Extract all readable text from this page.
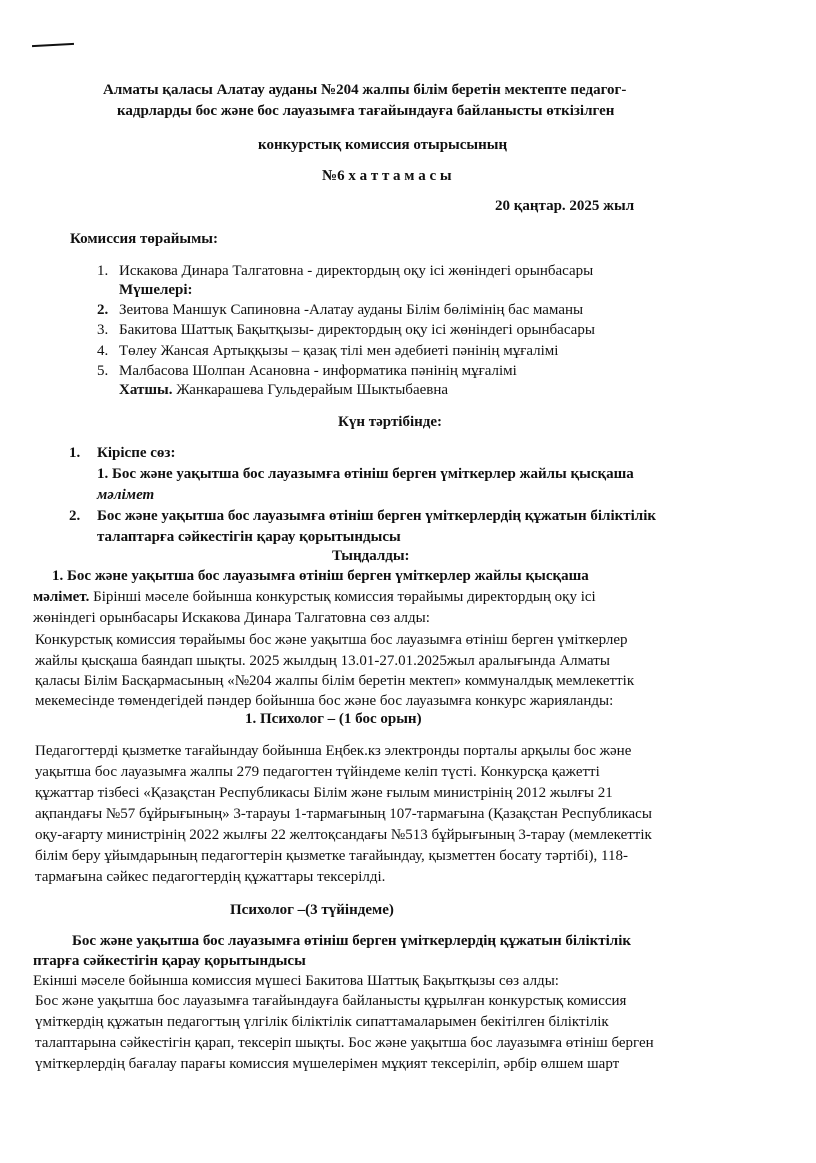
Алматы қаласы Алатау ауданы №204 жалпы білім беретін мектепте педагог-
кадрларды бос және бос лауазымға тағайындауға байланысты өткізілген
конкурстық комиссия отырысының
№6 х а т т а м а с ы
20 қаңтар. 2025 жыл
Комиссия төрайымы:
1. Искакова Динара Талгатовна - директордың оқу ісі жөніндегі орынбасары
Мүшелері:
2. Зеитова Маншук Сапиновна -Алатау ауданы Білім бөлімінің бас маманы
3. Бакитова Шаттық Бақытқызы- директордың оқу ісі жөніндегі орынбасары
4. Төлеу Жансая Артыққызы – қазақ тілі мен әдебиеті пәнінің мұғалімі
5. Малбасова Шолпан Асановна - информатика пәнінің мұғалімі
Хатшы. Жанкарашева Гульдерайым Шыктыбаевна
Күн тәртібінде:
1. Кіріспе сөз:
1. Бос және уақытша бос лауазымға өтініш берген үміткерлер жайлы қысқаша
мәлімет
2. Бос және уақытша бос лауазымға өтініш берген үміткерлердің құжатын біліктілік
талаптарға сәйкестігін қарау қорытындысы
Тыңдалды:
1. Бос және уақытша бос лауазымға өтініш берген үміткерлер жайлы қысқаша
мәлімет. Бірінші мәселе бойынша конкурстық комиссия төрайымы директордың оқу ісі
жөніндегі орынбасары Искакова Динара Талгатовна сөз алды:
Конкурстық комиссия төрайымы бос және уақытша бос лауазымға өтініш берген үміткерлер
жайлы қысқаша баяндап шықты. 2025 жылдың 13.01-27.01.2025жыл аралығында Алматы
қаласы Білім Басқармасының «№204 жалпы білім беретін мектеп» коммуналдық мемлекеттік
мекемесінде төмендегідей пәндер бойынша бос және бос лауазымға конкурс жарияланды:
1. Психолог – (1 бос орын)
Педагогтерді қызметке тағайындау бойынша Еңбек.кз электронды порталы арқылы бос және
уақытша бос лауазымға жалпы 279 педагогтен түйіндеме келіп түсті. Конкурсқа қажетті
құжаттар тізбесі «Қазақстан Республикасы Білім және ғылым министрінің 2012 жылғы 21
ақпандағы №57 бұйрығының» 3-тарауы 1-тармағының 107-тармағына (Қазақстан Республикасы
оқу-ағарту министрінің 2022 жылғы 22 желтоқсандағы №513 бұйрығының 3-тарау (мемлекеттік
білім беру ұйымдарының педагогтерін қызметке тағайындау, қызметтен босату тәртібі), 118-
тармағына сәйкес педагогтердің құжаттары тексерілді.
Психолог –(3 түйіндеме)
Бос және уақытша бос лауазымға өтініш берген үміткерлердің құжатын біліктілік
птарға сәйкестігін қарау қорытындысы
Екінші мәселе бойынша комиссия мүшесі Бакитова Шаттық Бақытқызы сөз алды:
Бос және уақытша бос лауазымға тағайындауға байланысты құрылған конкурстық комиссия
үміткердің құжатын педагогтың үлгілік біліктілік сипаттамаларымен бекітілген біліктілік
талаптарына сәйкестігін қарап, тексеріп шықты. Бос және уақытша бос лауазымға өтініш берген
үміткерлердің бағалау парағы комиссия мүшелерімен мұқият тексеріліп, әрбір өлшем шарт
